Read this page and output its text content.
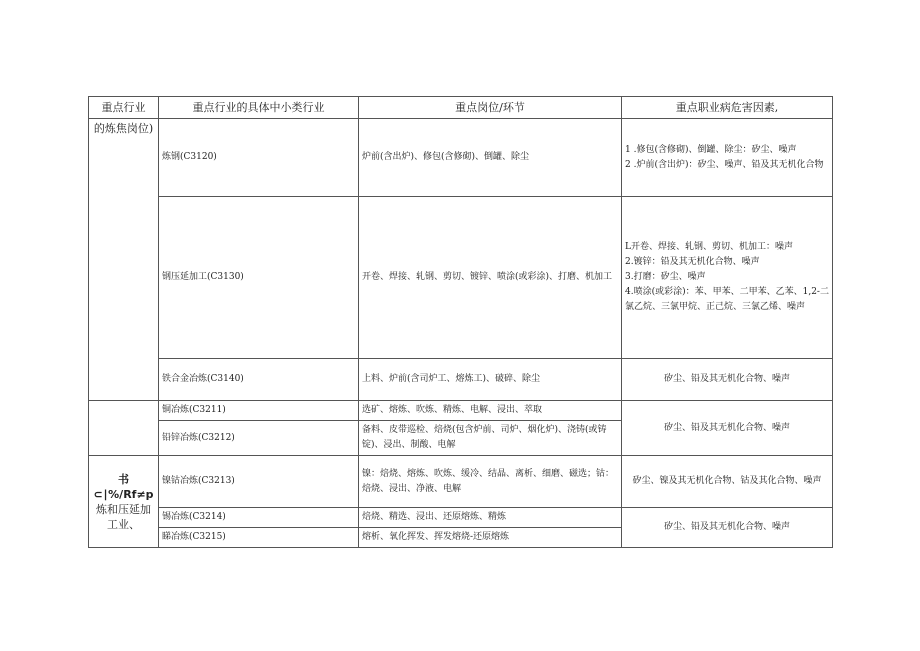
重点行业	重点行业的具体中小类行业	重点岗位/环节	重点职业病危害因素,
的炼焦岗位)	炼钢(C3120)	炉前(含出炉)、修包(含修砌)、倒罐、除尘	1 .修包(含修砌)、倒罐、除尘：矽尘、噪声
2 .炉前(含出炉)：矽尘、噪声、铅及其无机化合物

	钢压延加工(C3130)	开卷、焊接、轧钢、剪切、镀锌、喷涂(或彩涂)、打磨、机加工	L开卷、焊接、轧钢、剪切、机加工：噪声
2.镀锌：铅及其无机化合物、噪声
3.打磨：矽尘、噪声
4.喷涂(或彩涂)：苯、甲苯、二甲苯、乙苯、1,2-二氯乙烷、三氯甲烷、正己烷、三氯乙烯、噪声

	铁合金冶炼(C3140)	上料、炉前(含司炉工、熔炼工)、破碎、除尘	矽尘、铅及其无机化合物、噪声
	铜冶炼(C3211)	选矿、熔炼、吹炼、精炼、电解、浸出、萃取	矽尘、铅及其无机化合物、噪声
	铅锌冶炼(C3212)	备料、皮带巡检、焙烧(包含炉前、司炉、烟化炉)、浇铸(或铸锭)、浸出、制酸、电解	

书⊂∣%/Rf≠p
炼和压延加工业、	镍钴冶炼(C3213)	镍：焙烧、熔炼、吹炼、缓冷、结晶、离析、细磨、磁选；钴：焙烧、浸出、净液、电解	矽尘、镍及其无机化合物、钴及其化合物、噪声
	锡冶炼(C3214)	焙烧、精选、浸出、还原熔炼、精炼	矽尘、铅及其无机化合物、噪声
	睇冶炼(C3215)	熔析、氧化挥发、挥发熔烧-还原熔炼	
